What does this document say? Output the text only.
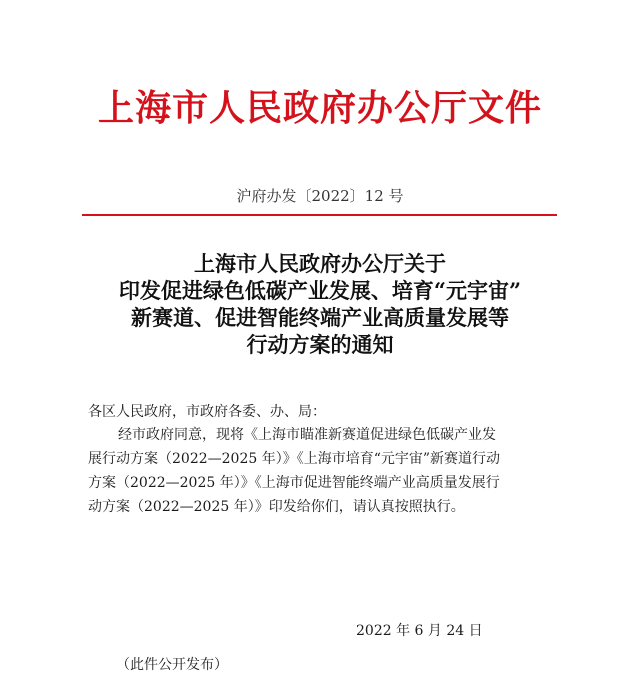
上海市人民政府办公厅文件
沪府办发〔2022〕12 号
上海市人民政府办公厅关于
印发促进绿色低碳产业发展、培育“元宇宙”
新赛道、促进智能终端产业高质量发展等
行动方案的通知
各区人民政府，市政府各委、办、局：
经市政府同意，现将《上海市瞄准新赛道促进绿色低碳产业发
展行动方案（2022—2025 年）》《上海市培育“元宇宙”新赛道行动
方案（2022—2025 年）》《上海市促进智能终端产业高质量发展行
动方案（2022—2025 年）》印发给你们，请认真按照执行。
2022 年 6 月 24 日
（此件公开发布）
